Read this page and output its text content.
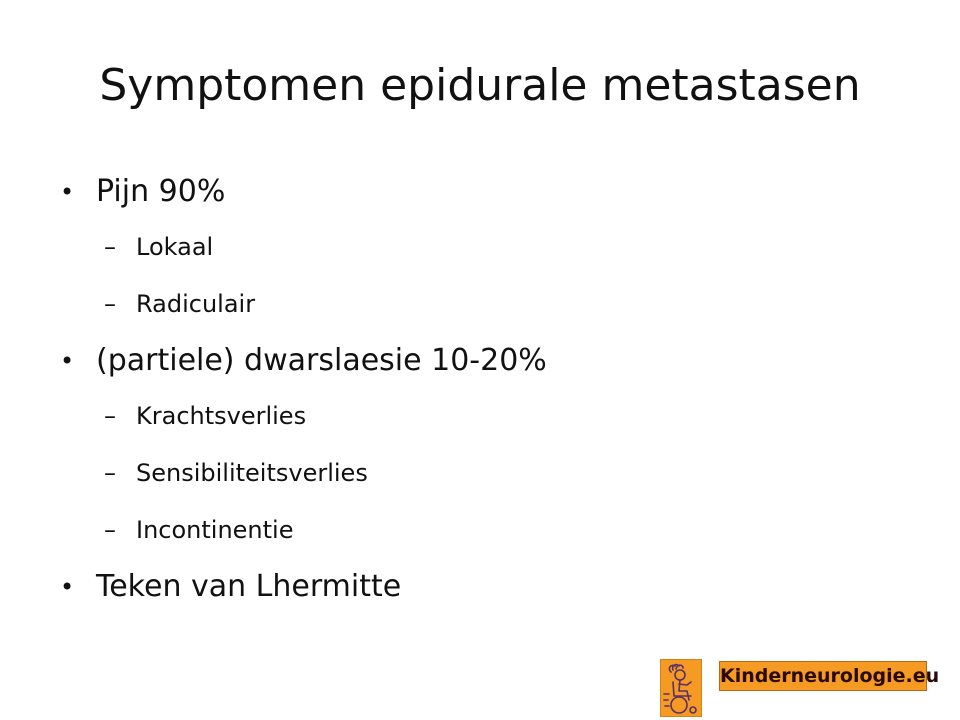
Symptomen epidurale metastasen
• Pijn 90%
– Lokaal
– Radiculair
• (partiele) dwarslaesie 10-20%
– Krachtsverlies
– Sensibiliteitsverlies
– Incontinentie
• Teken van Lhermitte
Kinderneurologie.eu
